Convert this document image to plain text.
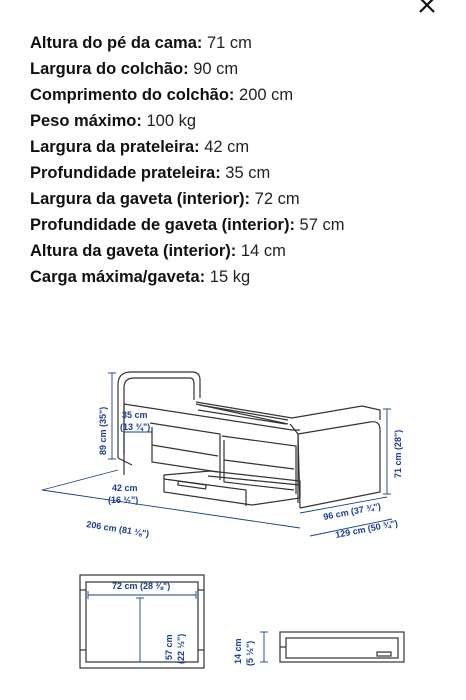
Altura do pé da cama: 71 cm
Largura do colchão: 90 cm
Comprimento do colchão: 200 cm
Peso máximo: 100 kg
Largura da prateleira: 42 cm
Profundidade prateleira: 35 cm
Largura da gaveta (interior): 72 cm
Profundidade de gaveta (interior): 57 cm
Altura da gaveta (interior): 14 cm
Carga máxima/gaveta: 15 kg
89 cm (35") 35 cm
(13 ¾")
71 cm (28")
42 cm
(16 ½")
206 cm (81 ⅛")
96 cm (37 ¾")
129 cm (50 ¾")
72 cm (28 ⅜")
57 cm (22 ½")	14 cm (5 ½")
